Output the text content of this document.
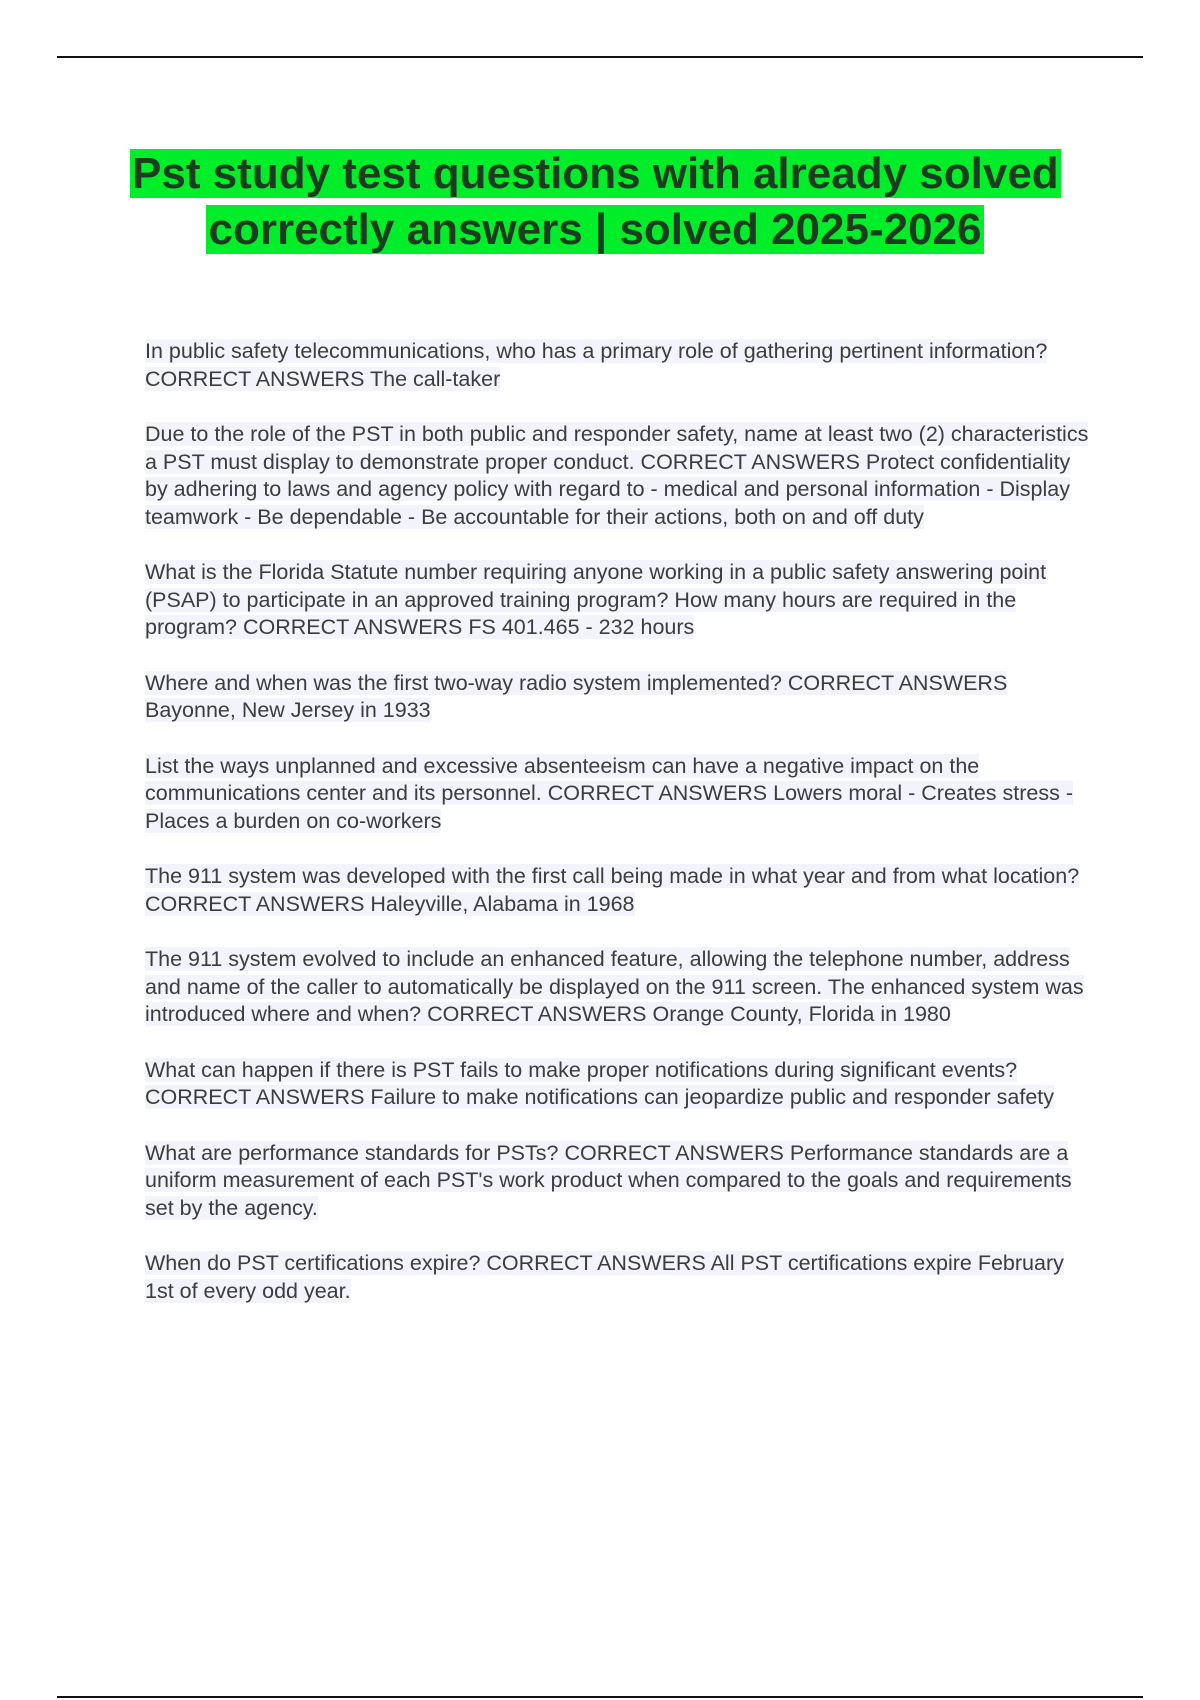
Pst study test questions with already solved correctly answers | solved 2025-2026

In public safety telecommunications, who has a primary role of gathering pertinent information? CORRECT ANSWERS The call-taker

Due to the role of the PST in both public and responder safety, name at least two (2) characteristics a PST must display to demonstrate proper conduct. CORRECT ANSWERS Protect confidentiality by adhering to laws and agency policy with regard to - medical and personal information - Display teamwork - Be dependable - Be accountable for their actions, both on and off duty

What is the Florida Statute number requiring anyone working in a public safety answering point (PSAP) to participate in an approved training program? How many hours are required in the program? CORRECT ANSWERS FS 401.465 - 232 hours

Where and when was the first two-way radio system implemented? CORRECT ANSWERS Bayonne, New Jersey in 1933

List the ways unplanned and excessive absenteeism can have a negative impact on the communications center and its personnel. CORRECT ANSWERS Lowers moral - Creates stress - Places a burden on co-workers

The 911 system was developed with the first call being made in what year and from what location? CORRECT ANSWERS Haleyville, Alabama in 1968

The 911 system evolved to include an enhanced feature, allowing the telephone number, address and name of the caller to automatically be displayed on the 911 screen. The enhanced system was introduced where and when? CORRECT ANSWERS Orange County, Florida in 1980

What can happen if there is PST fails to make proper notifications during significant events? CORRECT ANSWERS Failure to make notifications can jeopardize public and responder safety

What are performance standards for PSTs? CORRECT ANSWERS Performance standards are a uniform measurement of each PST's work product when compared to the goals and requirements set by the agency.

When do PST certifications expire? CORRECT ANSWERS All PST certifications expire February 1st of every odd year.
